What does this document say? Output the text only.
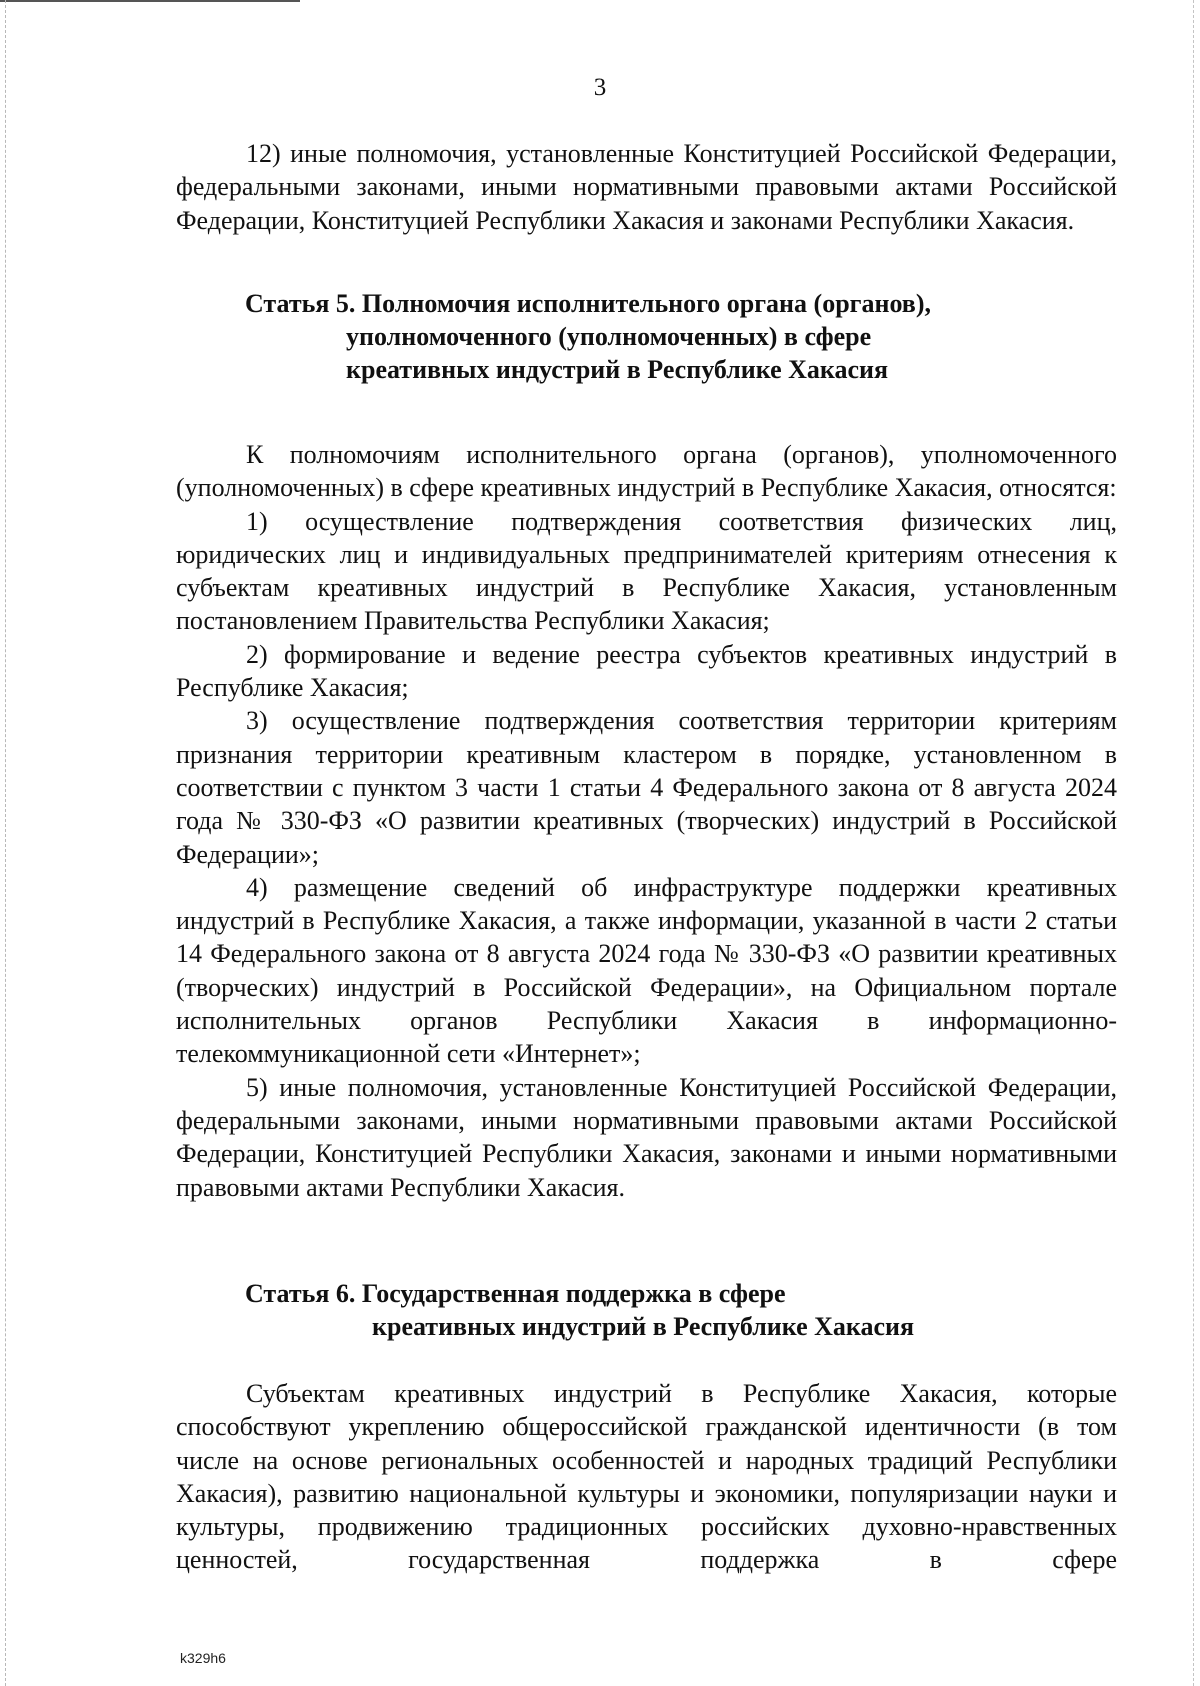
3

12) иные полномочия, установленные Конституцией Российской Федерации, федеральными законами, иными нормативными правовыми актами Российской Федерации, Конституцией Республики Хакасия и законами Республики Хакасия.

Статья 5. Полномочия исполнительного органа (органов),
уполномоченного (уполномоченных) в сфере
креативных индустрий в Республике Хакасия

К полномочиям исполнительного органа (органов), уполномоченного (уполномоченных) в сфере креативных индустрий в Республике Хакасия, относятся:

1) осуществление подтверждения соответствия физических лиц, юридических лиц и индивидуальных предпринимателей критериям отнесения к субъектам креативных индустрий в Республике Хакасия, установленным постановлением Правительства Республики Хакасия;

2) формирование и ведение реестра субъектов креативных индустрий в Республике Хакасия;

3) осуществление подтверждения соответствия территории критериям признания территории креативным кластером в порядке, установленном в соответствии с пунктом 3 части 1 статьи 4 Федерального закона от 8 августа 2024 года № 330-ФЗ «О развитии креативных (творческих) индустрий в Российской Федерации»;

4) размещение сведений об инфраструктуре поддержки креативных индустрий в Республике Хакасия, а также информации, указанной в части 2 статьи 14 Федерального закона от 8 августа 2024 года № 330-ФЗ «О развитии креативных (творческих) индустрий в Российской Федерации», на Официальном портале исполнительных органов Республики Хакасия в информационно-телекоммуникационной сети «Интернет»;

5) иные полномочия, установленные Конституцией Российской Федерации, федеральными законами, иными нормативными правовыми актами Российской Федерации, Конституцией Республики Хакасия, законами и иными нормативными правовыми актами Республики Хакасия.

Статья 6. Государственная поддержка в сфере
креативных индустрий в Республике Хакасия

Субъектам креативных индустрий в Республике Хакасия, которые способствуют укреплению общероссийской гражданской идентичности (в том числе на основе региональных особенностей и народных традиций Республики Хакасия), развитию национальной культуры и экономики, популяризации науки и культуры, продвижению традиционных российских духовно-нравственных ценностей, государственная поддержка в сфере

k329h6
